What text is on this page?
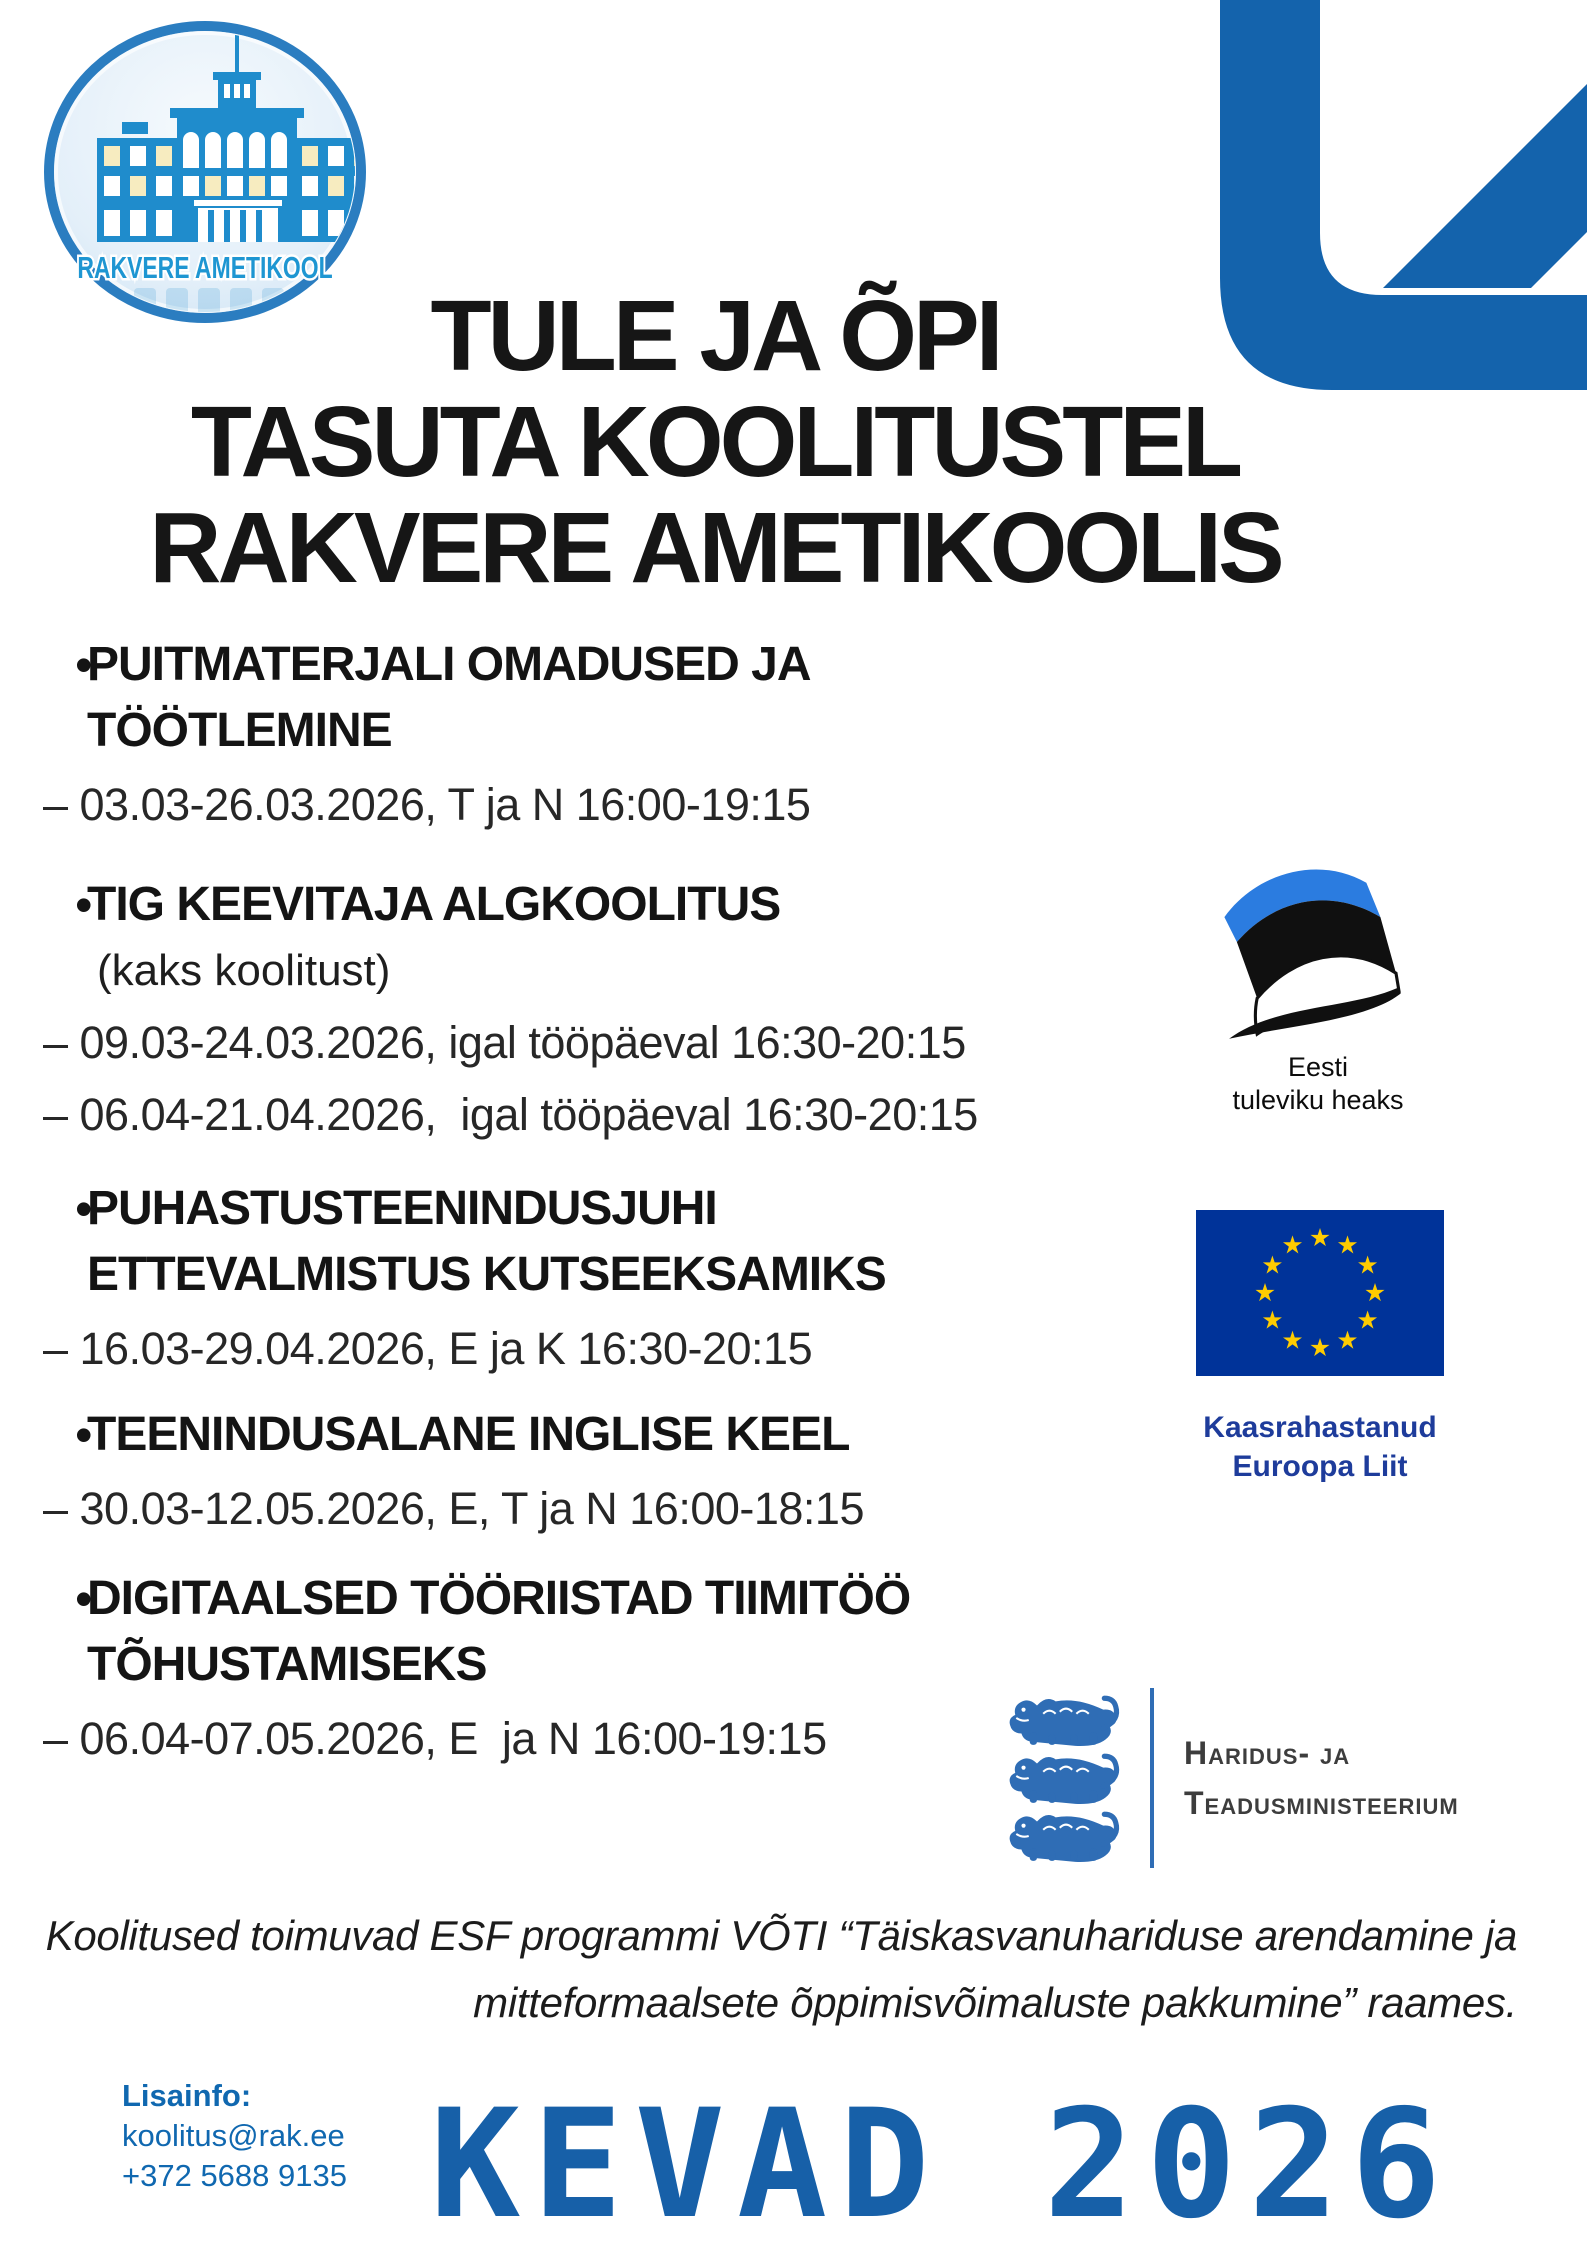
RAKVERE AMETIKOOL
TULE JA ÕPI
TASUTA KOOLITUSTEL
RAKVERE AMETIKOOLIS
•
PUITMATERJALI OMADUSED JA
TÖÖTLEMINE
– 03.03-26.03.2026, T ja N 16:00-19:15
•
TIG KEEVITAJA ALGKOOLITUS
(kaks koolitust)
– 09.03-24.03.2026, igal tööpäeval 16:30-20:15
– 06.04-21.04.2026,  igal tööpäeval 16:30-20:15
•
PUHASTUSTEENINDUSJUHI
ETTEVALMISTUS KUTSEEKSAMIKS
– 16.03-29.04.2026, E ja K 16:30-20:15
•
TEENINDUSALANE INGLISE KEEL
– 30.03-12.05.2026, E, T ja N 16:00-18:15
•
DIGITAALSED TÖÖRIISTAD TIIMITÖÖ
TÕHUSTAMISEKS
– 06.04-07.05.2026, E  ja N 16:00-19:15
Eesti
tuleviku heaks
Kaasrahastanud
Euroopa Liit
Haridus- ja
Teadusministeerium
Koolitused toimuvad ESF programmi VÕTI “Täiskasvanuhariduse arendamine ja
mitteformaalsete õppimisvõimaluste pakkumine” raames.
Lisainfo:
koolitus@rak.ee
+372 5688 9135 KEVAD 2026
